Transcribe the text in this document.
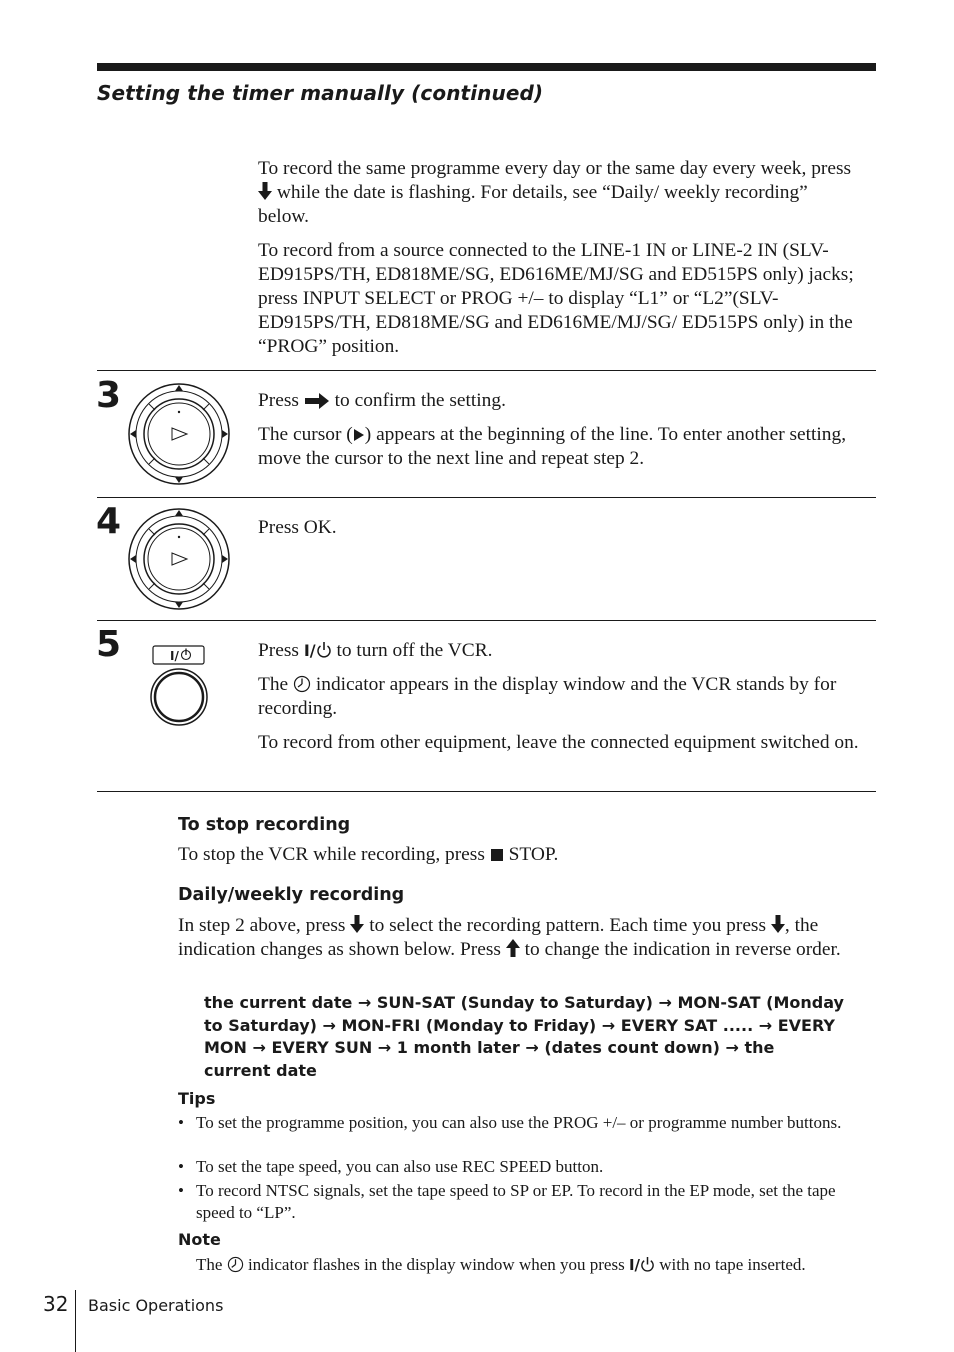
Setting the timer manually (continued)

To record the same programme every day or the same day every week, press  while the date is flashing. For details, see “Daily/ weekly recording” below.

To record from a source connected to the LINE-1 IN or LINE-2 IN (SLV-ED915PS/TH, ED818ME/SG, ED616ME/MJ/SG and ED515PS only) jacks; press INPUT SELECT or PROG +/– to display “L1” or “L2”(SLV-ED915PS/TH, ED818ME/SG and ED616ME/MJ/SG/ ED515PS only) in the “PROG” position.

3	Press to confirm the setting.

The cursor ( ) appears at the beginning of the line. To enter another setting, move the cursor to the next line and repeat step 2.

4	Press OK.

5	I/	Press I/ to turn off the VCR.

The indicator appears in the display window and the VCR stands by for recording.

To record from other equipment, leave the connected equipment switched on.

To stop recording

To stop the VCR while recording, press STOP.

Daily/weekly recording

In step 2 above, press to select the recording pattern. Each time you press , the indication changes as shown below. Press to change the indication in reverse order.

the current date → SUN-SAT (Sunday to Saturday) → MON-SAT (Monday to Saturday) → MON-FRI (Monday to Friday) → EVERY SAT ..... → EVERY MON → EVERY SUN → 1 month later → (dates count down) → the current date
Tips
• To set the programme position, you can also use the PROG +/– or programme number buttons.
• To set the tape speed, you can also use REC SPEED button.
• To record NTSC signals, set the tape speed to SP or EP. To record in the EP mode, set the tape speed to “LP”.
Note
The indicator flashes in the display window when you press I/ with no tape inserted.
32 Basic Operations
